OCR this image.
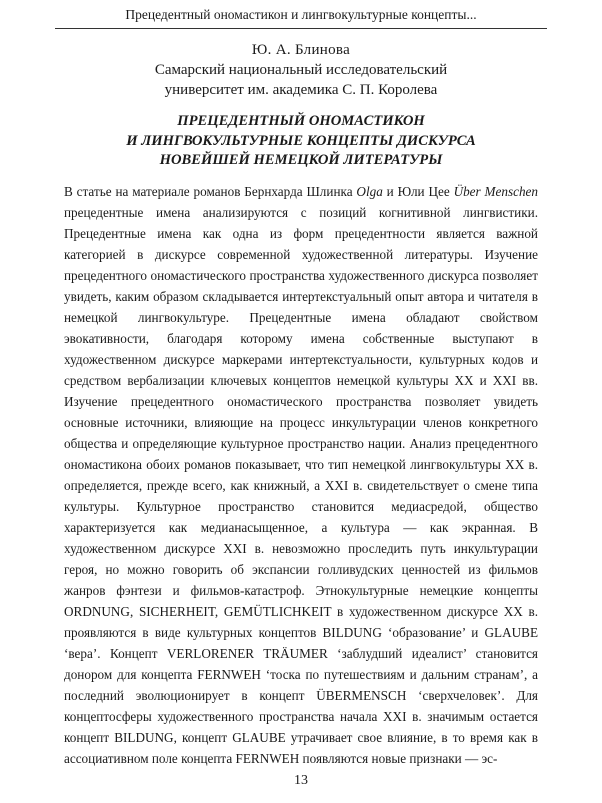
Прецедентный ономастикон и лингвокультурные концепты...
Ю. А. Блинова
Самарский национальный исследовательский
университет им. академика С. П. Королева
ПРЕЦЕДЕНТНЫЙ ОНОМАСТИКОН
И ЛИНГВОКУЛЬТУРНЫЕ КОНЦЕПТЫ ДИСКУРСА
НОВЕЙШЕЙ НЕМЕЦКОЙ ЛИТЕРАТУРЫ

В статье на материале романов Бернхарда Шлинка Olga и Юли Цее Über Menschen прецедентные имена анализируются с позиций когнитивной лингвистики. Прецедентные имена как одна из форм прецедентности является важной категорией в дискурсе современной художественной литературы. Изучение прецедентного ономастического пространства художественного дискурса позволяет увидеть, каким образом складывается интертекстуальный опыт автора и читателя в немецкой лингвокультуре. Прецедентные имена обладают свойством эвокативности, благодаря которому имена собственные выступают в художественном дискурсе маркерами интертекстуальности, культурных кодов и средством вербализации ключевых концептов немецкой культуры XX и XXI вв. Изучение прецедентного ономастического пространства позволяет увидеть основные источники, влияющие на процесс инкультурации членов конкретного общества и определяющие культурное пространство нации. Анализ прецедентного ономастикона обоих романов показывает, что тип немецкой лингвокультуры XX в. определяется, прежде всего, как книжный, а XXI в. свидетельствует о смене типа культуры. Культурное пространство становится медиасредой, общество характеризуется как медианасыщенное, а культура — как экранная. В художественном дискурсе XXI в. невозможно проследить путь инкультурации героя, но можно говорить об экспансии голливудских ценностей из фильмов жанров фэнтези и фильмов-катастроф. Этнокультурные немецкие концепты ORDNUNG, SICHERHEIT, GEMÜTLICHKEIT в художественном дискурсе XX в. проявляются в виде культурных концептов BILDUNG ‘образование’ и GLAUBE ‘вера’. Концепт VERLORENER TRÄUMER ‘заблудший идеалист’ становится донором для концепта FERNWEH ‘тоска по путешествиям и дальним странам’, а последний эволюционирует в концепт ÜBERMENSCH ‘сверхчеловек’. Для концептосферы художественного пространства начала XXI в. значимым остается концепт BILDUNG, концепт GLAUBE утрачивает свое влияние, в то время как в ассоциативном поле концепта FERNWEH появляются новые признаки — эс-

13
